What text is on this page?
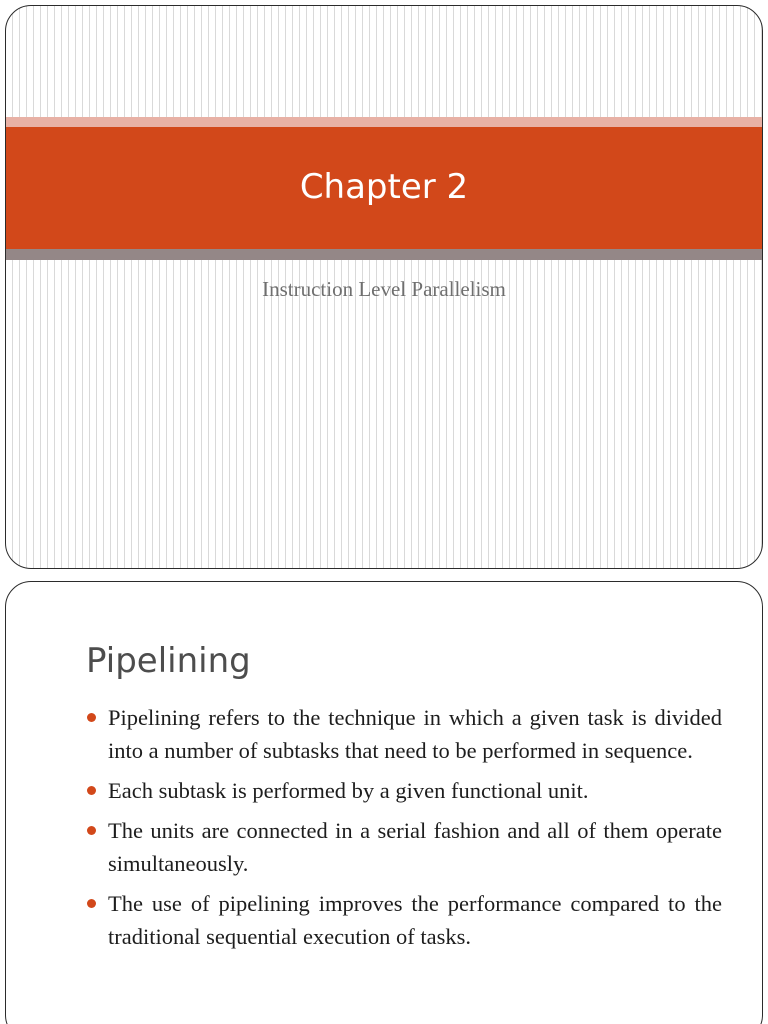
Chapter 2
Instruction Level Parallelism
Pipelining
Pipelining refers to the technique in which a given task is divided into a number of subtasks that need to be performed in sequence.
Each subtask is performed by a given functional unit.
The units are connected in a serial fashion and all of them operate simultaneously.
The use of pipelining improves the performance compared to the traditional sequential execution of tasks.
